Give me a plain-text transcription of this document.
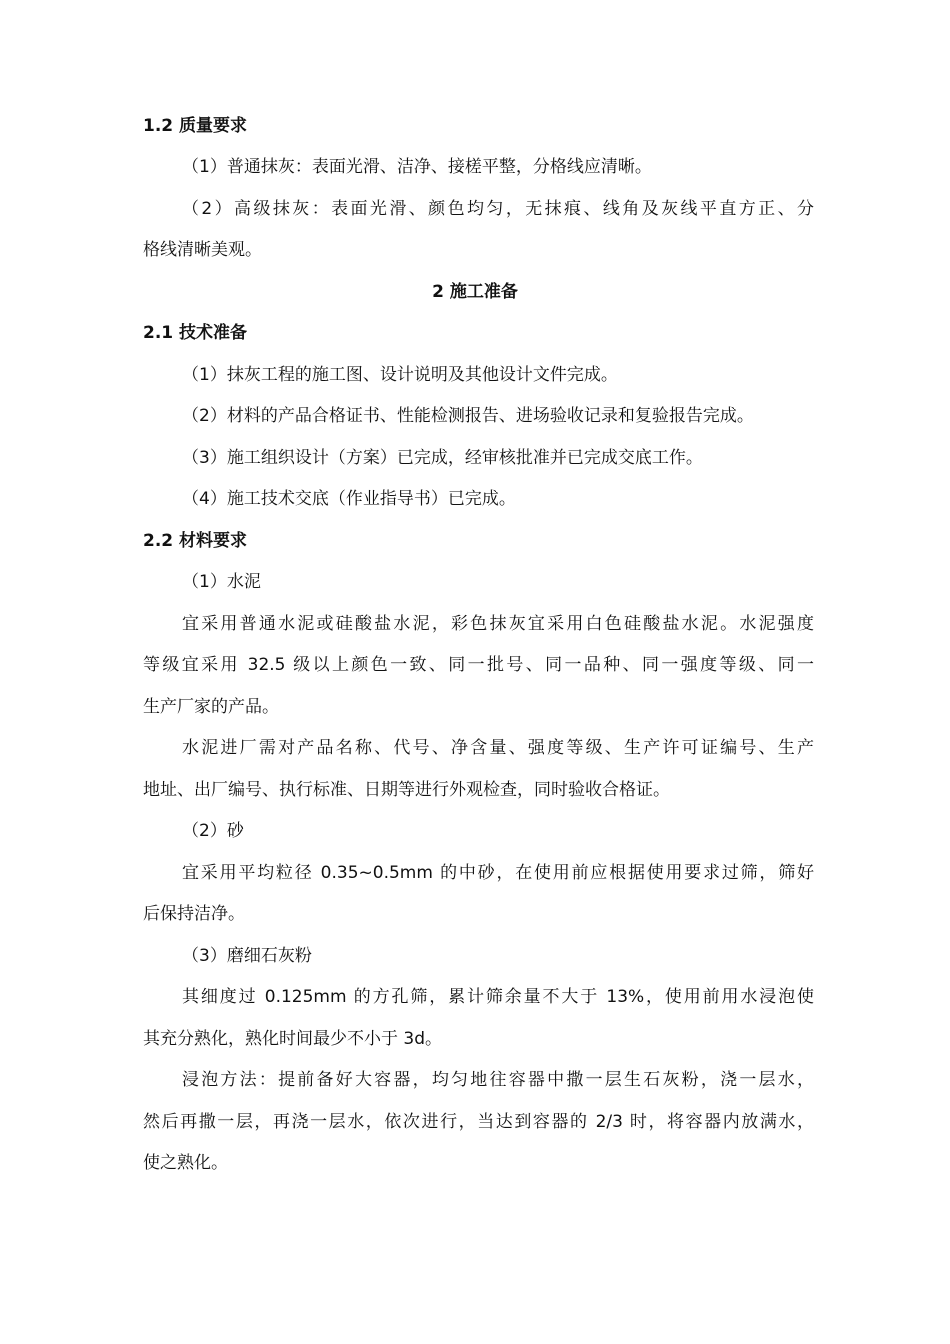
1.2 质量要求
（1）普通抹灰：表面光滑、洁净、接槎平整，分格线应清晰。
（2）高级抹灰：表面光滑、颜色均匀，无抹痕、线角及灰线平直方正、分
格线清晰美观。
2 施工准备
2.1 技术准备
（1）抹灰工程的施工图、设计说明及其他设计文件完成。
（2）材料的产品合格证书、性能检测报告、进场验收记录和复验报告完成。
（3）施工组织设计（方案）已完成，经审核批准并已完成交底工作。
（4）施工技术交底（作业指导书）已完成。
2.2 材料要求
（1）水泥
宜采用普通水泥或硅酸盐水泥，彩色抹灰宜采用白色硅酸盐水泥。水泥强度
等级宜采用 32.5 级以上颜色一致、同一批号、同一品种、同一强度等级、同一
生产厂家的产品。
水泥进厂需对产品名称、代号、净含量、强度等级、生产许可证编号、生产
地址、出厂编号、执行标准、日期等进行外观检查，同时验收合格证。
（2）砂
宜采用平均粒径 0.35~0.5mm 的中砂，在使用前应根据使用要求过筛，筛好
后保持洁净。
（3）磨细石灰粉
其细度过 0.125mm 的方孔筛，累计筛余量不大于 13%，使用前用水浸泡使
其充分熟化，熟化时间最少不小于 3d。
浸泡方法：提前备好大容器，均匀地往容器中撒一层生石灰粉，浇一层水，
然后再撒一层，再浇一层水，依次进行，当达到容器的 2/3 时，将容器内放满水，
使之熟化。
